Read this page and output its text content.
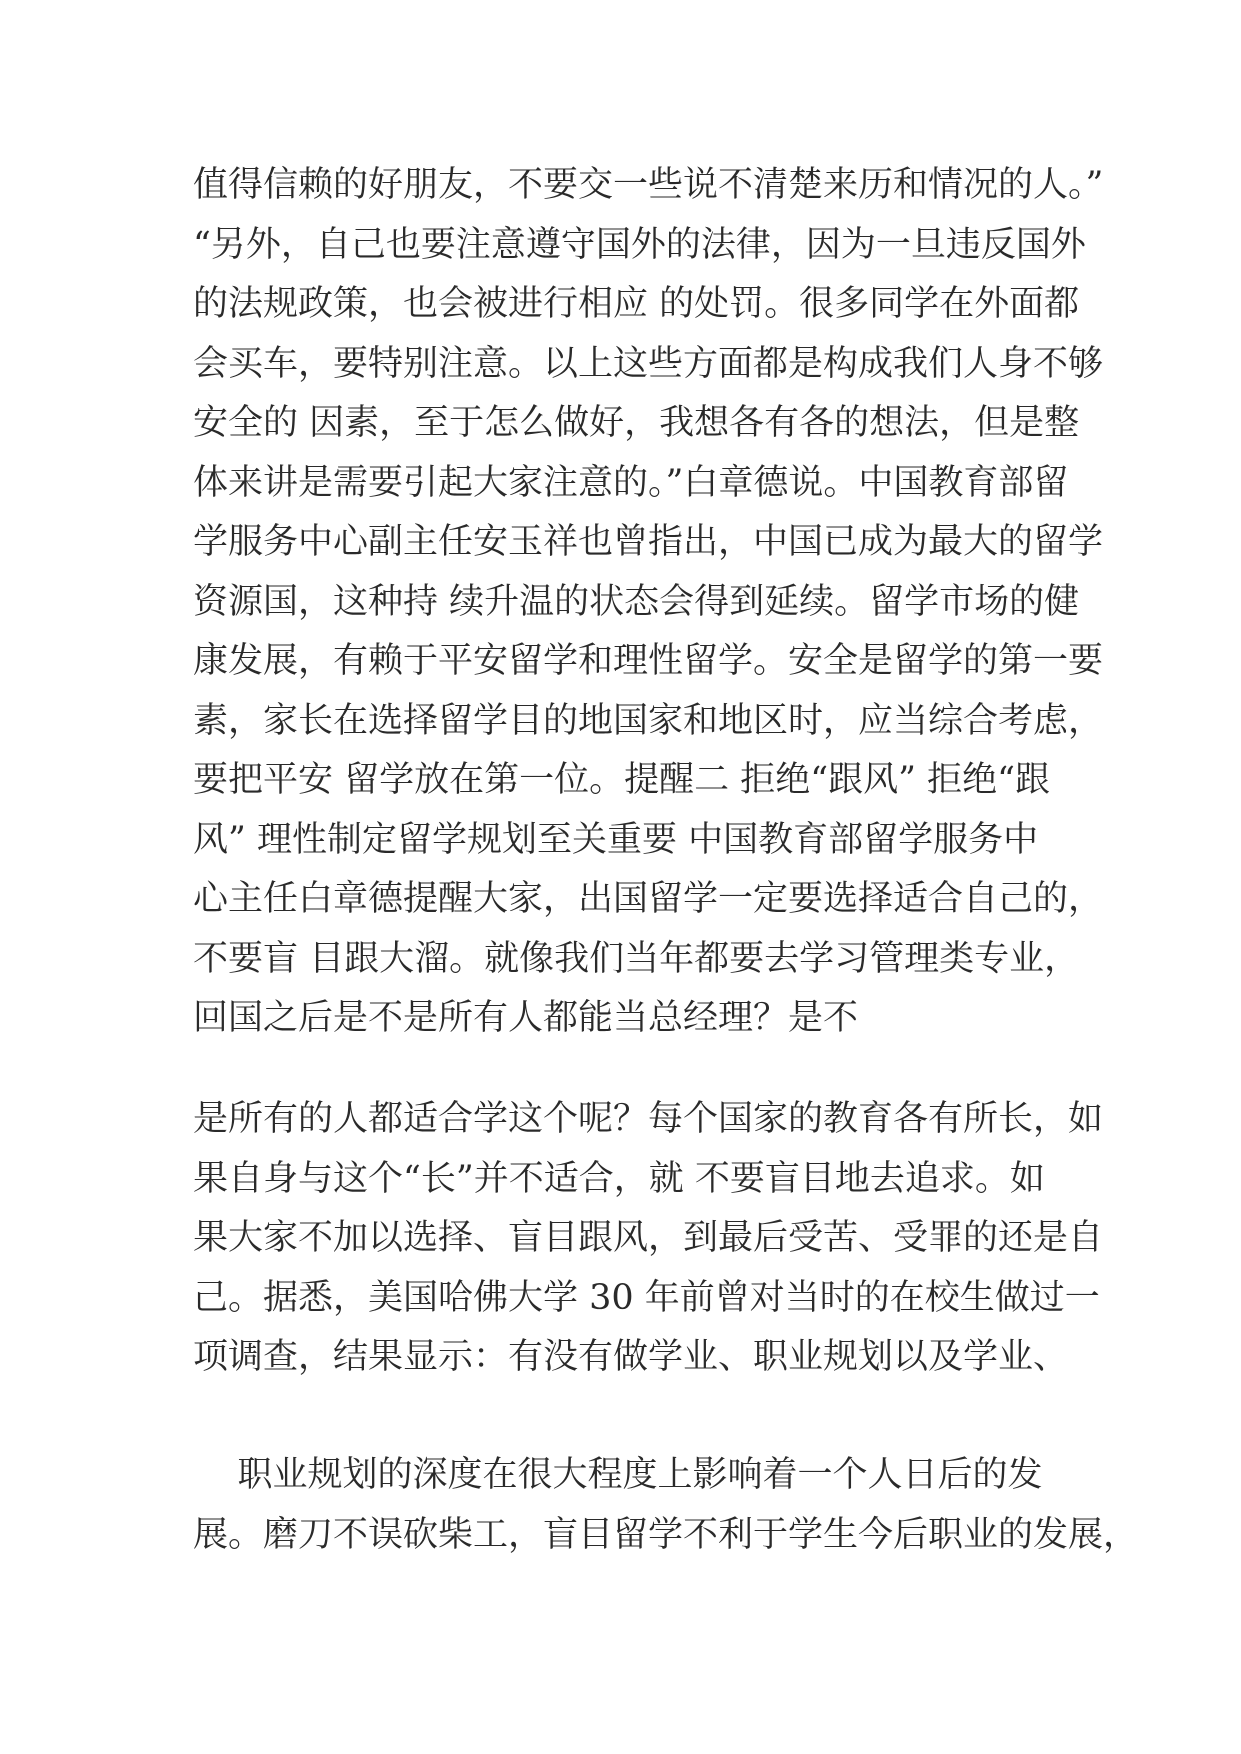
值得信赖的好朋友，不要交一些说不清楚来历和情况的人。”
“另外，自己也要注意遵守国外的法律，因为一旦违反国外
的法规政策，也会被进行相应 的处罚。很多同学在外面都
会买车，要特别注意。以上这些方面都是构成我们人身不够
安全的 因素，至于怎么做好，我想各有各的想法，但是整
体来讲是需要引起大家注意的。”白章德说。中国教育部留
学服务中心副主任安玉祥也曾指出，中国已成为最大的留学
资源国，这种持 续升温的状态会得到延续。留学市场的健
康发展，有赖于平安留学和理性留学。安全是留学的第一要
素，家长在选择留学目的地国家和地区时，应当综合考虑，
要把平安 留学放在第一位。提醒二 拒绝“跟风” 拒绝“跟
风” 理性制定留学规划至关重要 中国教育部留学服务中
心主任白章德提醒大家，出国留学一定要选择适合自己的，
不要盲 目跟大溜。就像我们当年都要去学习管理类专业，
回国之后是不是所有人都能当总经理？是不
是所有的人都适合学这个呢？每个国家的教育各有所长，如
果自身与这个“长”并不适合，就 不要盲目地去追求。如
果大家不加以选择、盲目跟风，到最后受苦、受罪的还是自
己。据悉，美国哈佛大学 30 年前曾对当时的在校生做过一
项调查，结果显示：有没有做学业、职业规划以及学业、
职业规划的深度在很大程度上影响着一个人日后的发
展。磨刀不误砍柴工，盲目留学不利于学生今后职业的发展，
